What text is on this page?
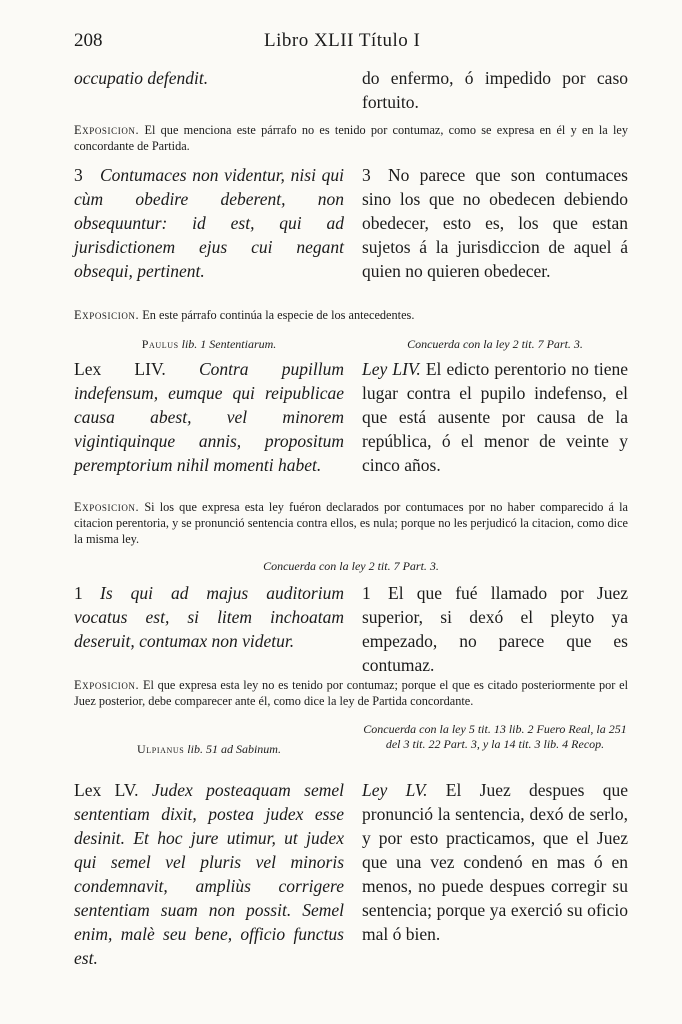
208	Libro XLII Título I
occupatio defendit.	do enfermo, ó impedido por caso fortuito.
Exposicion. El que menciona este párrafo no es tenido por contumaz, como se expresa en él y en la ley concordante de Partida.
3 Contumaces non videntur, nisi qui cùm obedire deberent, non obsequuntur: id est, qui ad jurisdictionem ejus cui negant obsequi, pertinent.
3 No parece que son contumaces sino los que no obedecen debiendo obedecer, esto es, los que estan sujetos á la jurisdiccion de aquel á quien no quieren obedecer.
Exposicion. En este párrafo continúa la especie de los antecedentes.
Paulus lib. 1 Sententiarum.	Concuerda con la ley 2 tit. 7 Part. 3.
Lex LIV. Contra pupillum indefensum, eumque qui reipublicae causa abest, vel minorem vigintiquinque annis, propositum peremptorium nihil momenti habet.
Ley LIV. El edicto perentorio no tiene lugar contra el pupilo indefenso, el que está ausente por causa de la república, ó el menor de veinte y cinco años.
Exposicion. Si los que expresa esta ley fuéron declarados por contumaces por no haber comparecido á la citacion perentoria, y se pronunció sentencia contra ellos, es nula; porque no les perjudicó la citacion, como dice la misma ley.
Concuerda con la ley 2 tit. 7 Part. 3.
1 Is qui ad majus auditorium vocatus est, si litem inchoatam deseruit, contumax non videtur.
1 El que fué llamado por Juez superior, si dexó el pleyto ya empezado, no parece que es contumaz.
Exposicion. El que expresa esta ley no es tenido por contumaz; porque el que es citado posteriormente por el Juez posterior, debe comparecer ante él, como dice la ley de Partida concordante.
Ulpianus lib. 51 ad Sabinum.
Concuerda con la ley 5 tit. 13 lib. 2 Fuero Real, la 251 del 3 tit. 22 Part. 3, y la 14 tit. 3 lib. 4 Recop.
Lex LV. Judex posteaquam semel sententiam dixit, postea judex esse desinit. Et hoc jure utimur, ut judex qui semel vel pluris vel minoris condemnavit, ampliùs corrigere sententiam suam non possit. Semel enim, malè seu bene, officio functus est.
Ley LV. El Juez despues que pronunció la sentencia, dexó de serlo, y por esto practicamos, que el Juez que una vez condenó en mas ó en menos, no puede despues corregir su sentencia; porque ya exerció su oficio mal ó bien.
